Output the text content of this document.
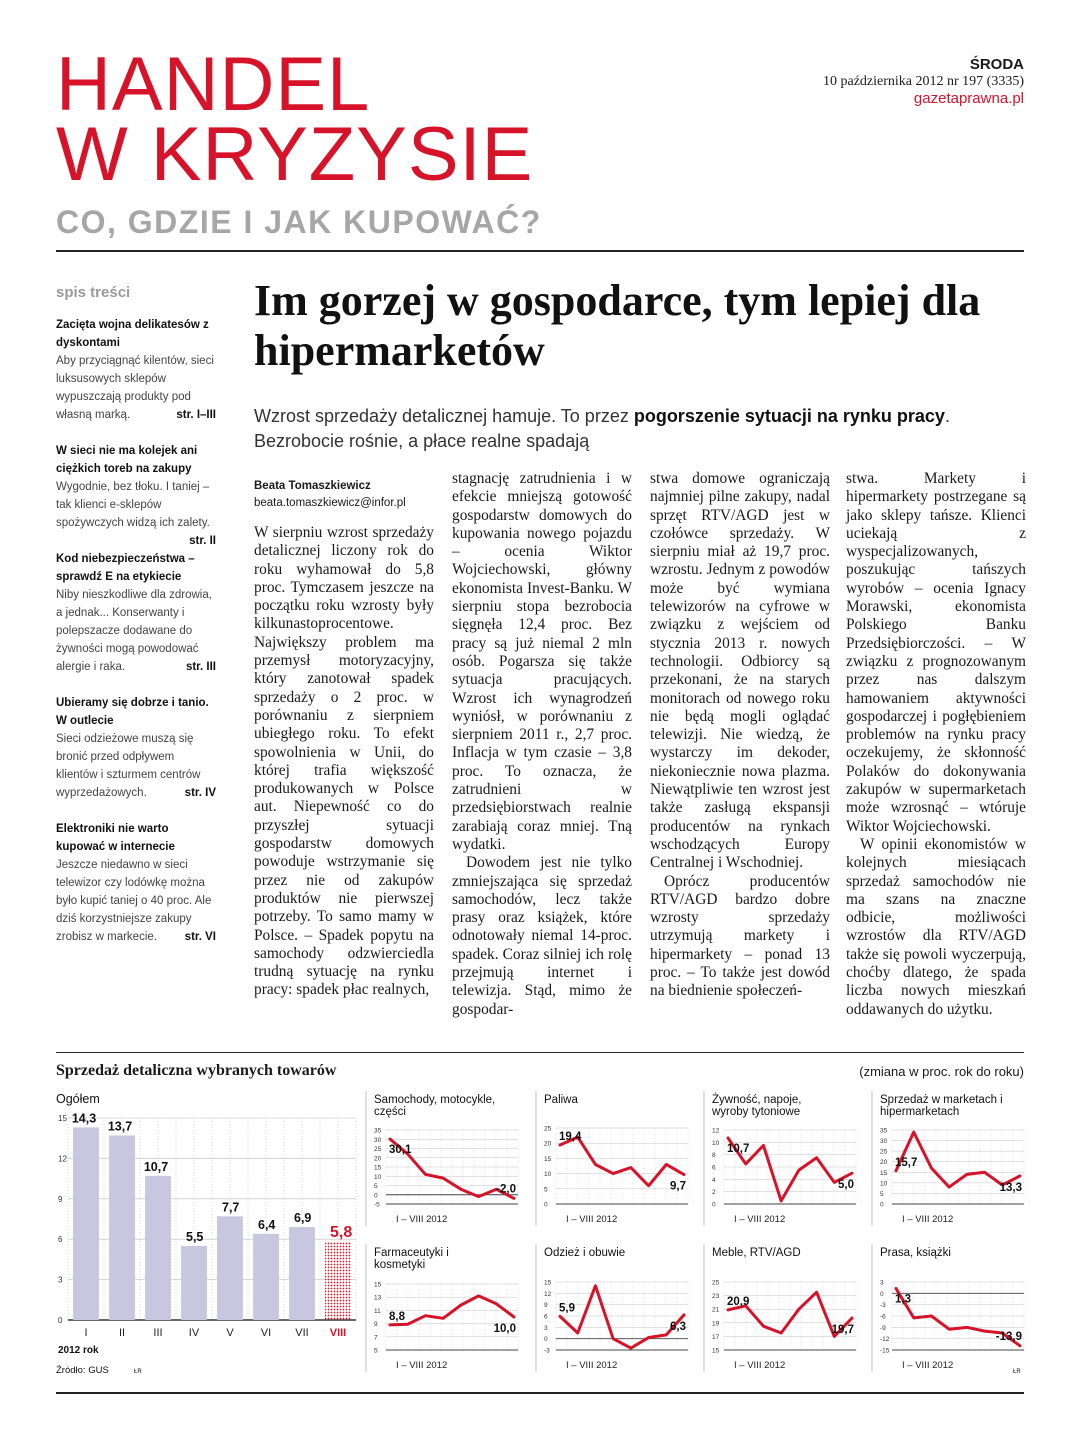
HANDEL
W KRYZYSIE
CO, GDZIE I JAK KUPOWAĆ?
ŚRODA
10 października 2012 nr 197 (3335)
gazetaprawna.pl
spis treści
Zacięta wojna delikatesów z dyskontami
Aby przyciągnąć kilentów, sieci luksusowych sklepów wypuszczają produkty pod własną marką.	str. I–III
W sieci nie ma kolejek ani ciężkich toreb na zakupy
Wygodnie, bez tłoku. I taniej – tak klienci e-sklepów spożywczych widzą ich zalety.
str. II
Kod niebezpieczeństwa – sprawdź E na etykiecie
Niby nieszkodliwe dla zdrowia, a jednak... Konserwanty i polepszacze dodawane do żywności mogą powodować alergie i raka.	str. III
Ubieramy się dobrze i tanio. W outlecie
Sieci odzieżowe muszą się bronić przed odpływem klientów i szturmem centrów wyprzedażowych.	str. IV
Elektroniki nie warto kupować w internecie
Jeszcze niedawno w sieci telewizor czy lodówkę można było kupić taniej o 40 proc. Ale dziś korzystniejsze zakupy zrobisz w markecie. str. VI
Im gorzej w gospodarce, tym lepiej dla hipermarketów
Wzrost sprzedaży detalicznej hamuje. To przez pogorszenie sytuacji na rynku pracy. Bezrobocie rośnie, a płace realne spadają
Beata Tomaszkiewicz
beata.tomaszkiewicz@infor.pl

W sierpniu wzrost sprzedaży detalicznej liczony rok do roku wyhamował do 5,8 proc. Tymczasem jeszcze na początku roku wzrosty były kilkunastoprocentowe. Największy problem ma przemysł motoryzacyjny, który zanotował spadek sprzedaży o 2 proc. w porównaniu z sierpniem ubiegłego roku. To efekt spowolnienia w Unii, do której trafia większość produkowanych w Polsce aut. Niepewność co do przyszłej sytuacji gospodarstw domowych powoduje wstrzymanie się przez nie od zakupów produktów nie pierwszej potrzeby. To samo mamy w Polsce. – Spadek popytu na samochody odzwierciedla trudną sytuację na rynku pracy: spadek płac realnych,

stagnację zatrudnienia i w efekcie mniejszą gotowość gospodarstw domowych do kupowania nowego pojazdu – ocenia Wiktor Wojciechowski, główny ekonomista Invest-Banku. W sierpniu stopa bezrobocia sięgnęła 12,4 proc. Bez pracy są już niemal 2 mln osób. Pogarsza się także sytuacja pracujących. Wzrost ich wynagrodzeń wyniósł, w porównaniu z sierpniem 2011 r., 2,7 proc. Inflacja w tym czasie – 3,8 proc. To oznacza, że zatrudnieni w przedsiębiorstwach realnie zarabiają coraz mniej. Tną wydatki.

Dowodem jest nie tylko zmniejszająca się sprzedaż samochodów, lecz także prasy oraz książek, które odnotowały niemal 14-proc. spadek. Coraz silniej ich rolę przejmują internet i telewizja. Stąd, mimo że gospodar-

stwa domowe ograniczają najmniej pilne zakupy, nadal sprzęt RTV/AGD jest w czołówce sprzedaży. W sierpniu miał aż 19,7 proc. wzrostu. Jednym z powodów może być wymiana telewizorów na cyfrowe w związku z wejściem od stycznia 2013 r. nowych technologii. Odbiorcy są przekonani, że na starych monitorach od nowego roku nie będą mogli oglądać telewizji. Nie wiedzą, że wystarczy im dekoder, niekoniecznie nowa plazma. Niewątpliwie ten wzrost jest także zasługą ekspansji producentów na rynkach wschodzących Europy Centralnej i Wschodniej.

Oprócz producentów RTV/AGD bardzo dobre wzrosty sprzedaży utrzymują markety i hipermarkety – ponad 13 proc. – To także jest dowód na biednienie społeczeń-

stwa. Markety i hipermarkety postrzegane są jako sklepy tańsze. Klienci uciekają z wyspecjalizowanych, poszukując tańszych wyrobów – ocenia Ignacy Morawski, ekonomista Polskiego Banku Przedsiębiorczości. – W związku z prognozowanym przez nas dalszym hamowaniem aktywności gospodarczej i pogłębieniem problemów na rynku pracy oczekujemy, że skłonność Polaków do dokonywania zakupów w supermarketach może wzrosnąć – wtóruje Wiktor Wojciechowski.

W opinii ekonomistów w kolejnych miesiącach sprzedaż samochodów nie ma szans na znaczne odbicie, możliwości wzrostów dla RTV/AGD także się powoli wyczerpują, choćby dlatego, że spada liczba nowych mieszkań oddawanych do użytku.

Sprzedaż detaliczna wybranych towarów	(zmiana w proc. rok do roku)
Ogółem
0
3
6
9
12
15 14,3
I
13,7
II
10,7
III
5,5
IV
7,7
V
6,4
VI
6,9
VII
5,8
VIII
2012 rok
Źródło: GUS	ŁR
Samochody, motocykle,
części
35
30
25
20
15
10
5
0
-5
30,1
-2,0
I – VIII 2012
Paliwa
25
20
15
10
5
0
19,4
9,7
I – VIII 2012
Żywność, napoje,
wyroby tytoniowe
12
10
8
6
4
2
0
10,7
5,0
I – VIII 2012
Sprzedaż w marketach i
hipermarketach
35
30
25
20
15
10
5
0
15,7
13,3
I – VIII 2012
Farmaceutyki i
kosmetyki
15
13
11
9
7
5
8,8
10,0
I – VIII 2012
Odzież i obuwie
15
12
9
6
3
0
-3
5,9
6,3
I – VIII 2012
Meble, RTV/AGD
25
23
21
19
17
15
20,9
19,7
I – VIII 2012
Prasa, książki
3
0
-3
-6
-9
-12
-15
1,3
-13,9
I – VIII 2012
ŁR
